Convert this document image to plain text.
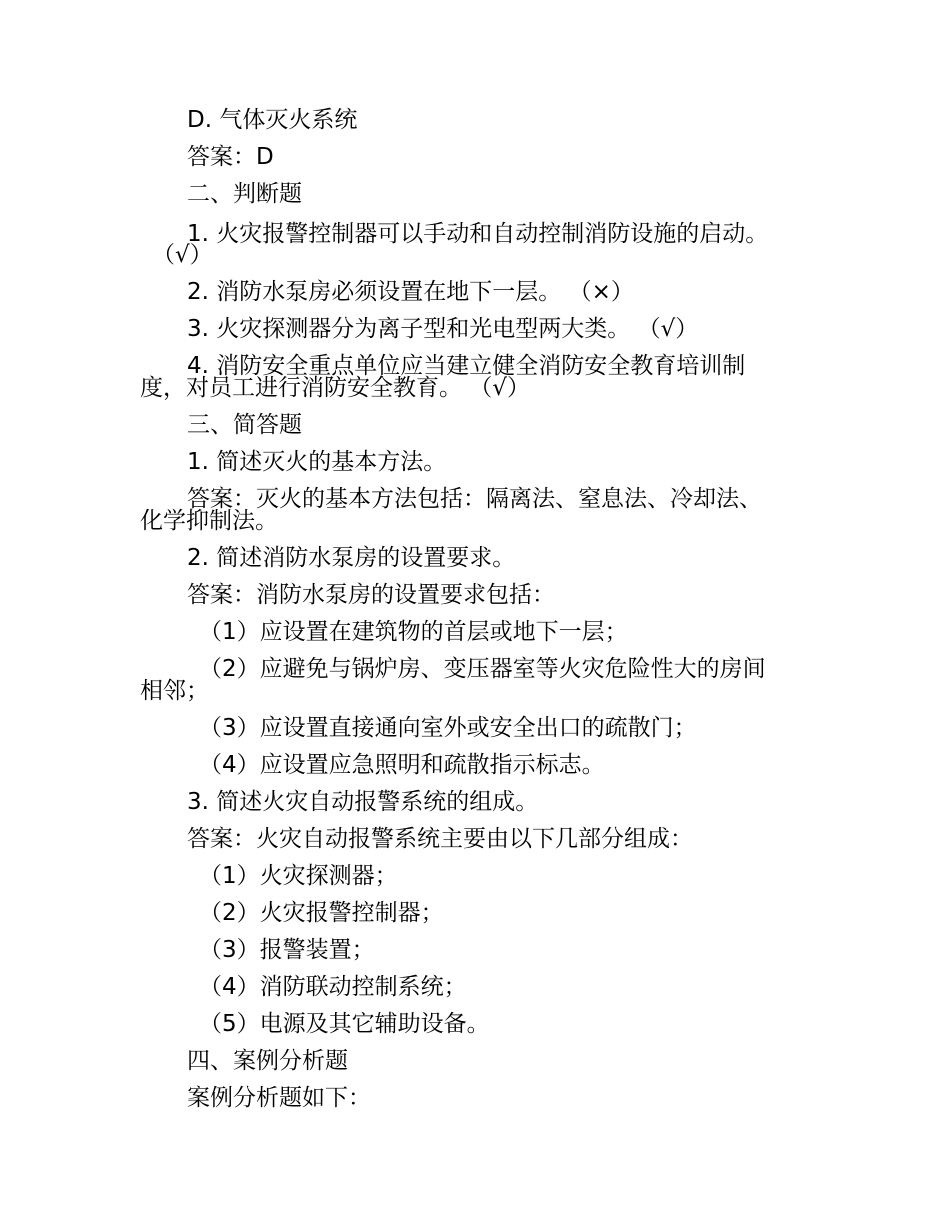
D. 气体灭火系统
答案：D
二、判断题
1. 火灾报警控制器可以手动和自动控制消防设施的启动。
（√）
2. 消防水泵房必须设置在地下一层。 （×）
3. 火灾探测器分为离子型和光电型两大类。 （√）
4. 消防安全重点单位应当建立健全消防安全教育培训制
度，对员工进行消防安全教育。 （√）
三、简答题
1. 简述灭火的基本方法。
答案：灭火的基本方法包括：隔离法、窒息法、冷却法、
化学抑制法。
2. 简述消防水泵房的设置要求。
答案：消防水泵房的设置要求包括：
（1）应设置在建筑物的首层或地下一层；
（2）应避免与锅炉房、变压器室等火灾危险性大的房间
相邻；
（3）应设置直接通向室外或安全出口的疏散门；
（4）应设置应急照明和疏散指示标志。
3. 简述火灾自动报警系统的组成。
答案：火灾自动报警系统主要由以下几部分组成：
（1）火灾探测器；
（2）火灾报警控制器；
（3）报警装置；
（4）消防联动控制系统；
（5）电源及其它辅助设备。
四、案例分析题
案例分析题如下：
